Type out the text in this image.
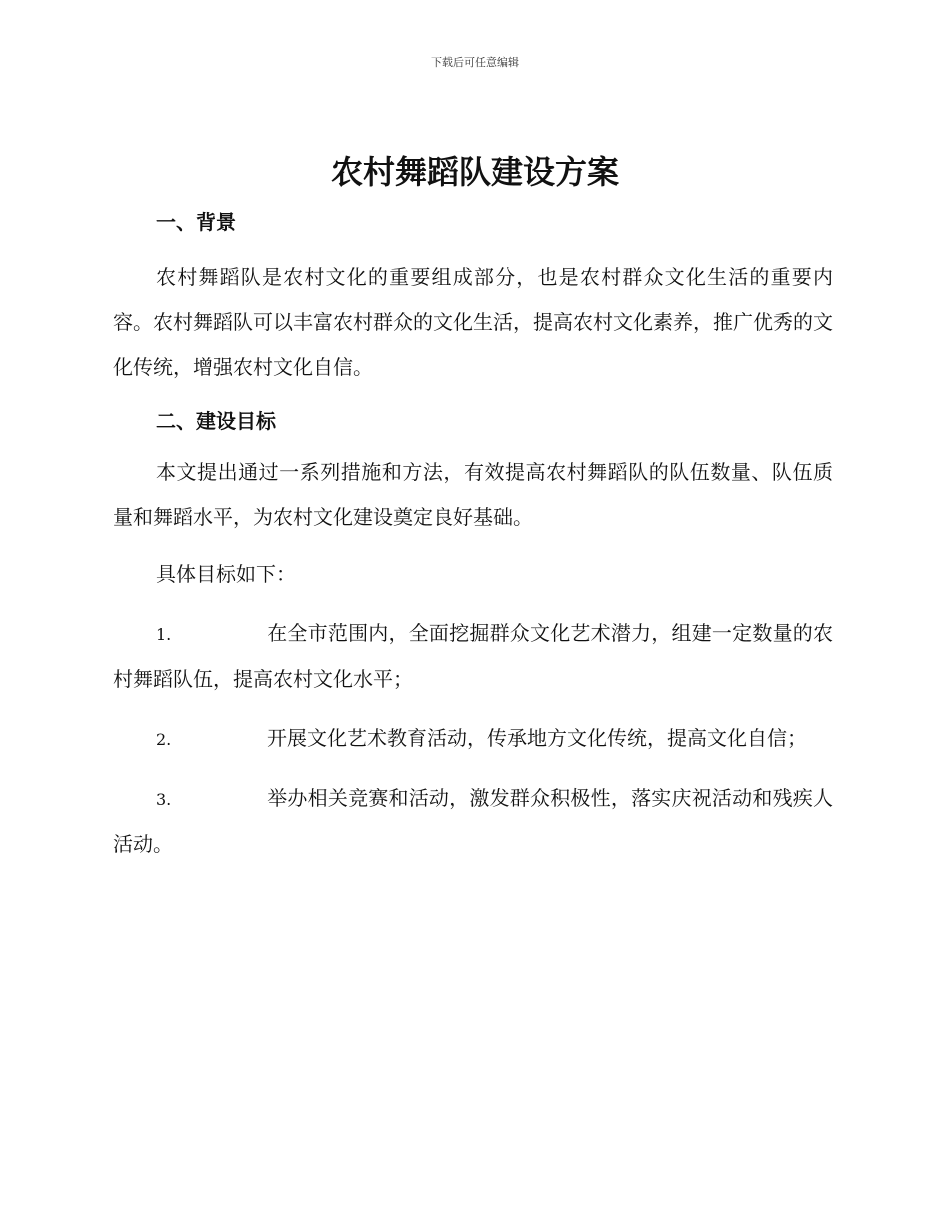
下载后可任意编辑
农村舞蹈队建设方案
一、背景

农村舞蹈队是农村文化的重要组成部分，也是农村群众文化生活的重要内容。农村舞蹈队可以丰富农村群众的文化生活，提高农村文化素养，推广优秀的文化传统，增强农村文化自信。

二、建设目标

本文提出通过一系列措施和方法，有效提高农村舞蹈队的队伍数量、队伍质量和舞蹈水平，为农村文化建设奠定良好基础。

具体目标如下：

1.	在全市范围内，全面挖掘群众文化艺术潜力，组建一定数量的农村舞蹈队伍，提高农村文化水平；

2.	开展文化艺术教育活动，传承地方文化传统，提高文化自信；

3.	举办相关竞赛和活动，激发群众积极性，落实庆祝活动和残疾人活动。
